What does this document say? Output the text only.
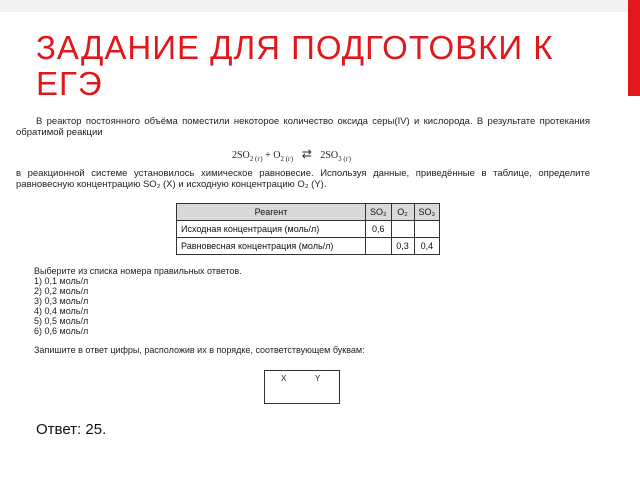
ЗАДАНИЕ ДЛЯ ПОДГОТОВКИ К ЕГЭ
В реактор постоянного объёма поместили некоторое количество оксида серы(IV) и кислорода. В результате протекания обратимой реакции
$2SO_{2 (г)} + O_{2 (г)}$ ⇄ $2SO_{3 (г)}$
в реакционной системе установилось химическое равновесие. Используя данные, приведённые в таблице, определите равновесную концентрацию SO₂ (X) и исходную концентрацию O₂ (Y).
Реагент	SO₂	O₂	SO₃
Исходная концентрация (моль/л)	0,6		
Равновесная концентрация (моль/л)		0,3	0,4
Выберите из списка номера правильных ответов.
1) 0,1 моль/л
2) 0,2 моль/л
3) 0,3 моль/л
4) 0,4 моль/л
5) 0,5 моль/л
6) 0,6 моль/л
Запишите в ответ цифры, расположив их в порядке, соответствующем буквам:
X	Y
Ответ: 25.
